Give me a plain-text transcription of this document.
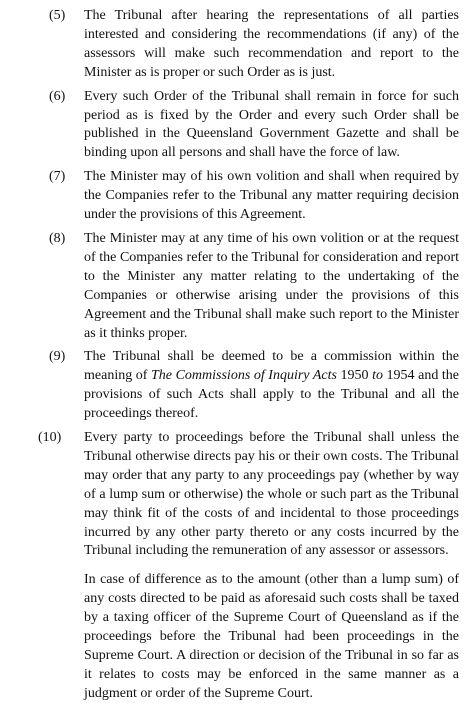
(5) The Tribunal after hearing the representations of all parties interested and considering the recommendations (if any) of the assessors will make such recommendation and report to the Minister as is proper or such Order as is just.

(6) Every such Order of the Tribunal shall remain in force for such period as is fixed by the Order and every such Order shall be published in the Queensland Government Gazette and shall be binding upon all persons and shall have the force of law.

(7) The Minister may of his own volition and shall when required by the Companies refer to the Tribunal any matter requiring decision under the provisions of this Agreement.

(8) The Minister may at any time of his own volition or at the request of the Companies refer to the Tribunal for consideration and report to the Minister any matter relating to the undertaking of the Companies or otherwise arising under the provisions of this Agreement and the Tribunal shall make such report to the Minister as it thinks proper.

(9) The Tribunal shall be deemed to be a commission within the meaning of The Commissions of Inquiry Acts 1950 to 1954 and the provisions of such Acts shall apply to the Tribunal and all the proceedings thereof.

(10) Every party to proceedings before the Tribunal shall unless the Tribunal otherwise directs pay his or their own costs. The Tribunal may order that any party to any proceedings pay (whether by way of a lump sum or otherwise) the whole or such part as the Tribunal may think fit of the costs of and incidental to those proceedings incurred by any other party thereto or any costs incurred by the Tribunal including the remuneration of any assessor or assessors.

In case of difference as to the amount (other than a lump sum) of any costs directed to be paid as aforesaid such costs shall be taxed by a taxing officer of the Supreme Court of Queensland as if the proceedings before the Tribunal had been proceedings in the Supreme Court. A direction or decision of the Tribunal in so far as it relates to costs may be enforced in the same manner as a judgment or order of the Supreme Court.
